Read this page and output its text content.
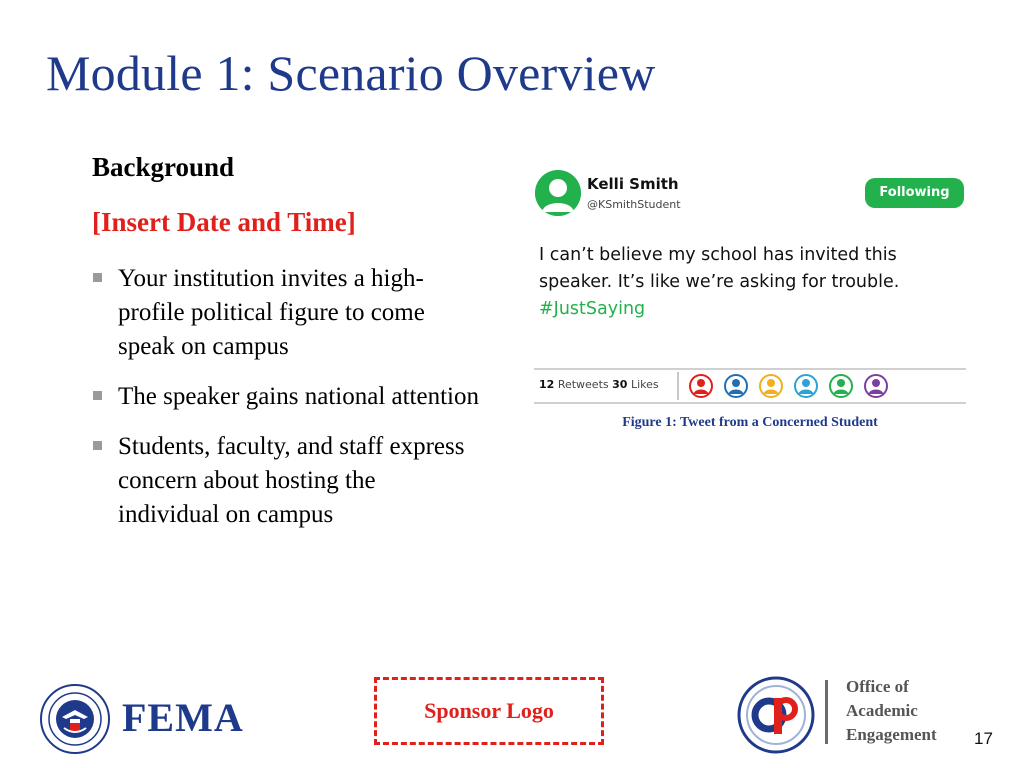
Module 1: Scenario Overview
Background
[Insert Date and Time]
Your institution invites a high-profile political figure to come speak on campus
The speaker gains national attention
Students, faculty, and staff express concern about hosting the individual on campus
Kelli Smith
@KSmithStudent
Following

I can’t believe my school has invited this speaker. It’s like we’re asking for trouble.
#JustSaying

12 Retweets 30 Likes
Figure 1: Tweet from a Concerned Student
FEMA	Sponsor Logo
Office of
Academic
Engagement 17
